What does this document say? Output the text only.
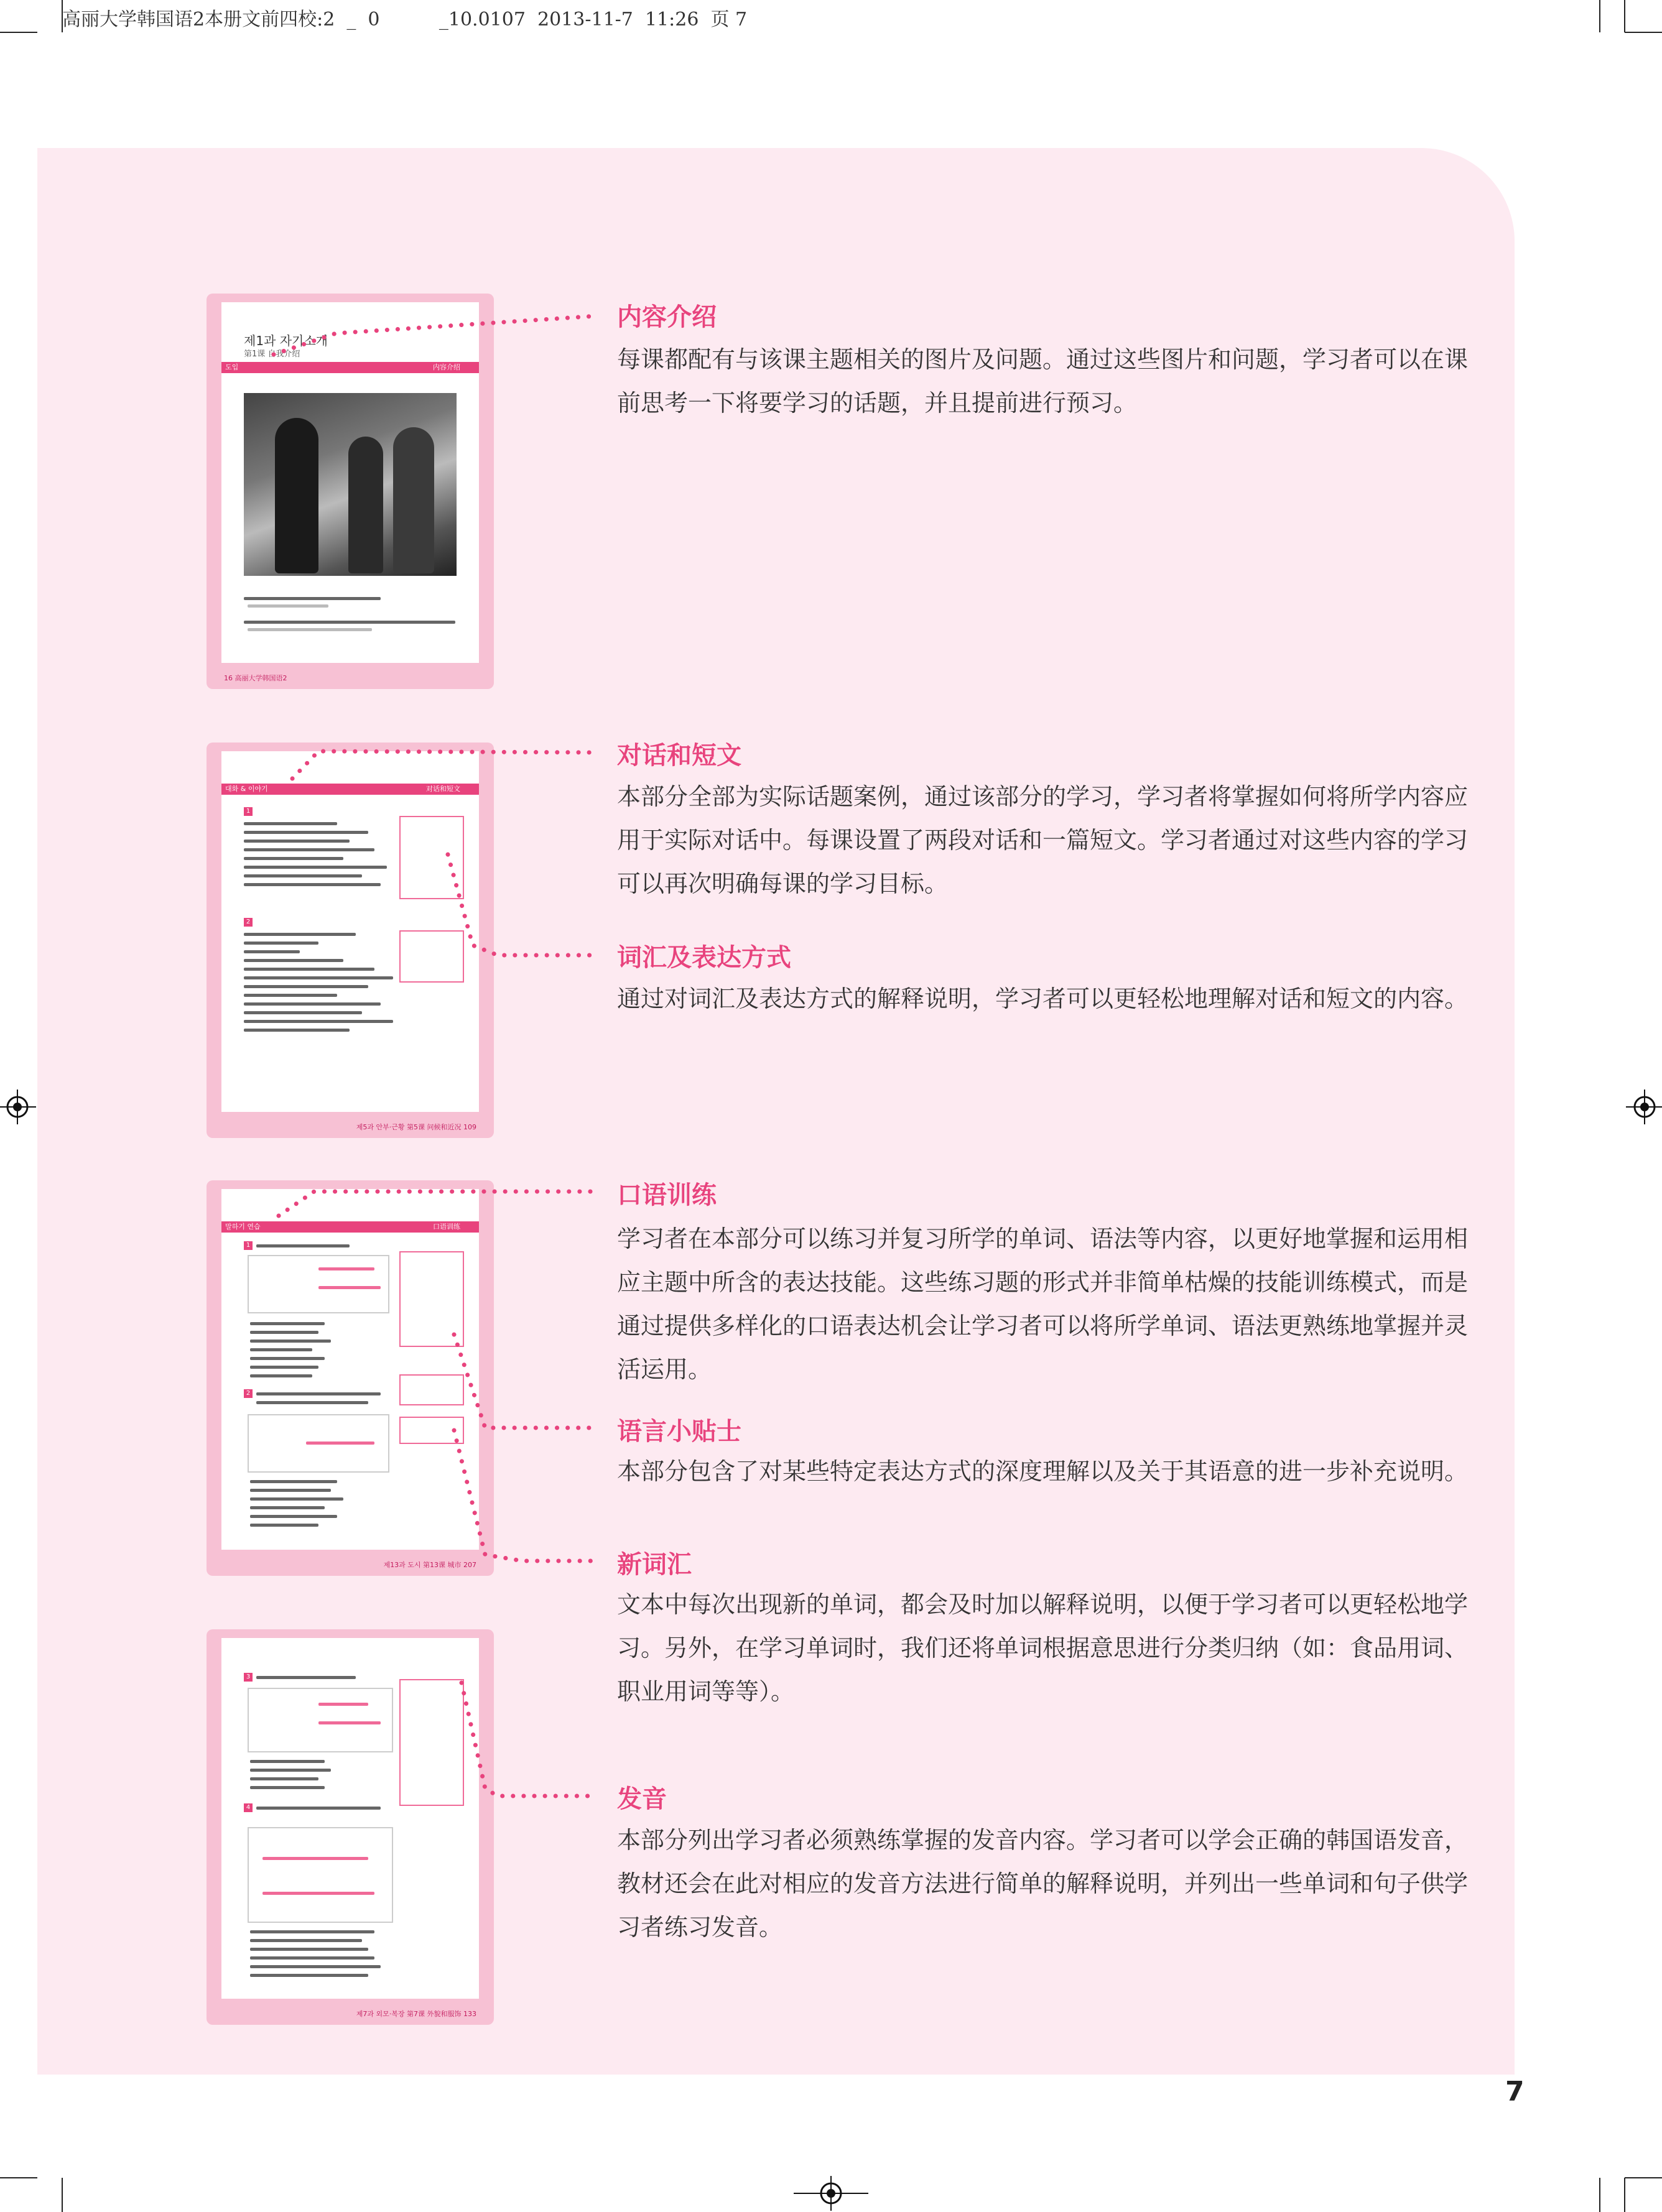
高丽大学韩国语2本册文前四校:2  _  0          _10.0107  2013-11-7  11:26  页 7
제1과 자기소개
第1课 自我介绍
도입	内容介绍
16 高丽大学韩国语2
대화 & 이야기	对话和短文
1
2
제5과 안부·근황 第5课 问候和近况 109
말하기 연습	口语训练
1
2
제13과 도시 第13课 城市 207
3
4
제7과 외모·복장 第7课 外貌和服饰 133
内容介绍
每课都配有与该课主题相关的图片及问题。通过这些图片和问题，学习者可以在课前思考一下将要学习的话题，并且提前进行预习。
对话和短文
本部分全部为实际话题案例，通过该部分的学习，学习者将掌握如何将所学内容应用于实际对话中。每课设置了两段对话和一篇短文。学习者通过对这些内容的学习可以再次明确每课的学习目标。
词汇及表达方式
通过对词汇及表达方式的解释说明，学习者可以更轻松地理解对话和短文的内容。
口语训练
学习者在本部分可以练习并复习所学的单词、语法等内容，以更好地掌握和运用相应主题中所含的表达技能。这些练习题的形式并非简单枯燥的技能训练模式，而是通过提供多样化的口语表达机会让学习者可以将所学单词、语法更熟练地掌握并灵活运用。
语言小贴士
本部分包含了对某些特定表达方式的深度理解以及关于其语意的进一步补充说明。
新词汇
文本中每次出现新的单词，都会及时加以解释说明，以便于学习者可以更轻松地学习。另外，在学习单词时，我们还将单词根据意思进行分类归纳（如：食品用词、职业用词等等）。
发音
本部分列出学习者必须熟练掌握的发音内容。学习者可以学会正确的韩国语发音，教材还会在此对相应的发音方法进行简单的解释说明，并列出一些单词和句子供学习者练习发音。
7
